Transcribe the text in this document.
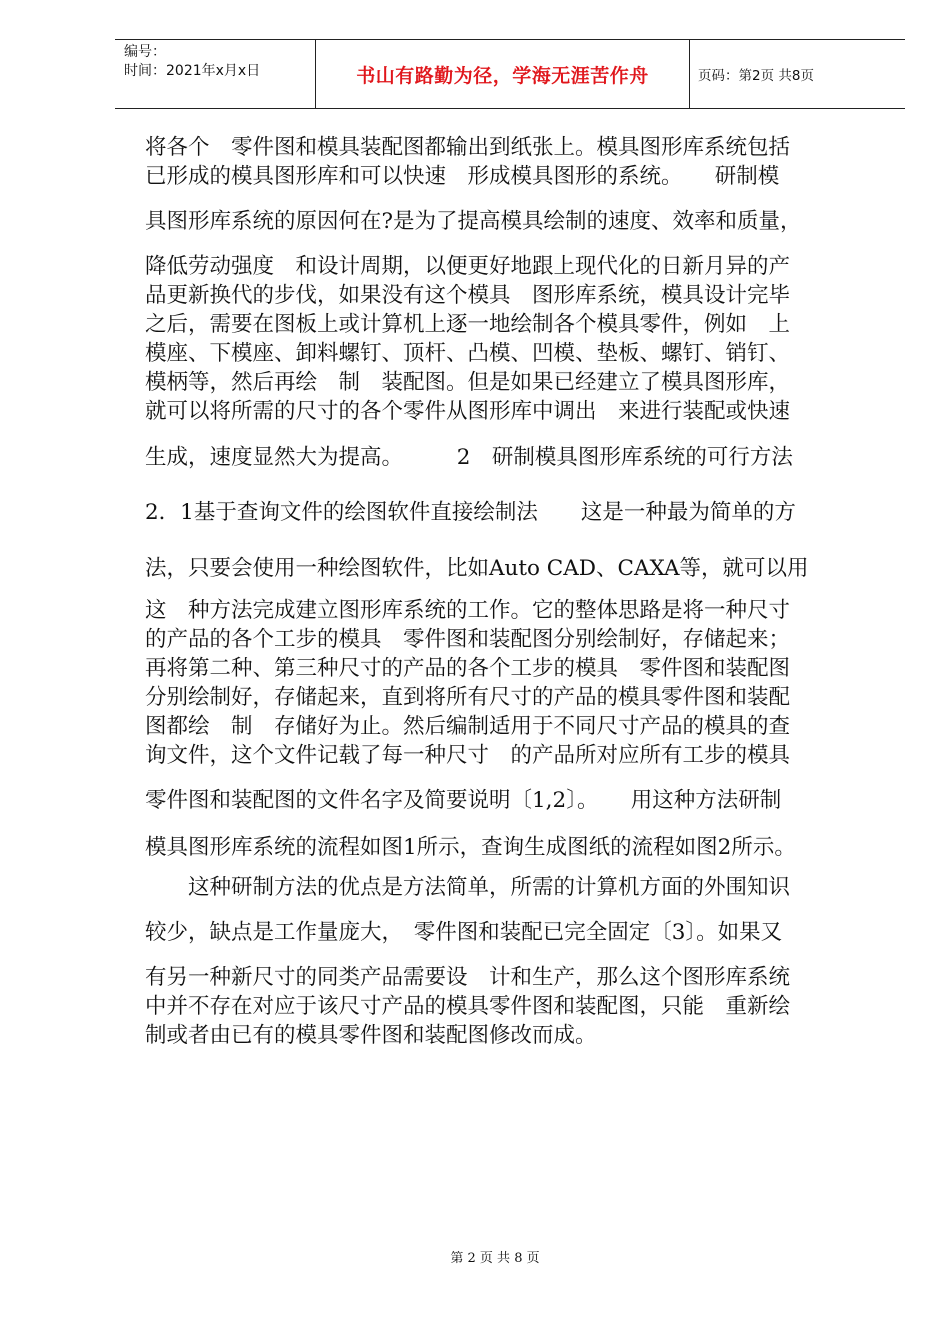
编号：
时间：2021年x月x日	书山有路勤为径，学海无涯苦作舟	页码：第2页 共8页
将各个　零件图和模具装配图都输出到纸张上。模具图形库系统包括
已形成的模具图形库和可以快速　形成模具图形的系统。　　研制模
具图形库系统的原因何在?是为了提高模具绘制的速度、效率和质量，
降低劳动强度　和设计周期，以便更好地跟上现代化的日新月异的产
品更新换代的步伐，如果没有这个模具　图形库系统，模具设计完毕
之后，需要在图板上或计算机上逐一地绘制各个模具零件，例如　上
模座、下模座、卸料螺钉、顶杆、凸模、凹模、垫板、螺钉、销钉、
模柄等，然后再绘　制　装配图。但是如果已经建立了模具图形库，
就可以将所需的尺寸的各个零件从图形库中调出　来进行装配或快速
生成，速度显然大为提高。　　　2　研制模具图形库系统的可行方法
2．1基于查询文件的绘图软件直接绘制法　　这是一种最为简单的方
法，只要会使用一种绘图软件，比如Auto CAD、CAXA等，就可以用
这　种方法完成建立图形库系统的工作。它的整体思路是将一种尺寸
的产品的各个工步的模具　零件图和装配图分别绘制好，存储起来；
再将第二种、第三种尺寸的产品的各个工步的模具　零件图和装配图
分别绘制好，存储起来，直到将所有尺寸的产品的模具零件图和装配
图都绘　制　存储好为止。然后编制适用于不同尺寸产品的模具的查
询文件，这个文件记载了每一种尺寸　的产品所对应所有工步的模具
零件图和装配图的文件名字及简要说明〔1,2〕。　　用这种方法研制
模具图形库系统的流程如图1所示，查询生成图纸的流程如图2所示。
　　这种研制方法的优点是方法简单，所需的计算机方面的外围知识
较少，缺点是工作量庞大，　零件图和装配已完全固定〔3〕。如果又
有另一种新尺寸的同类产品需要设　计和生产，那么这个图形库系统
中并不存在对应于该尺寸产品的模具零件图和装配图，只能　重新绘
制或者由已有的模具零件图和装配图修改而成。
第 2 页 共 8 页
